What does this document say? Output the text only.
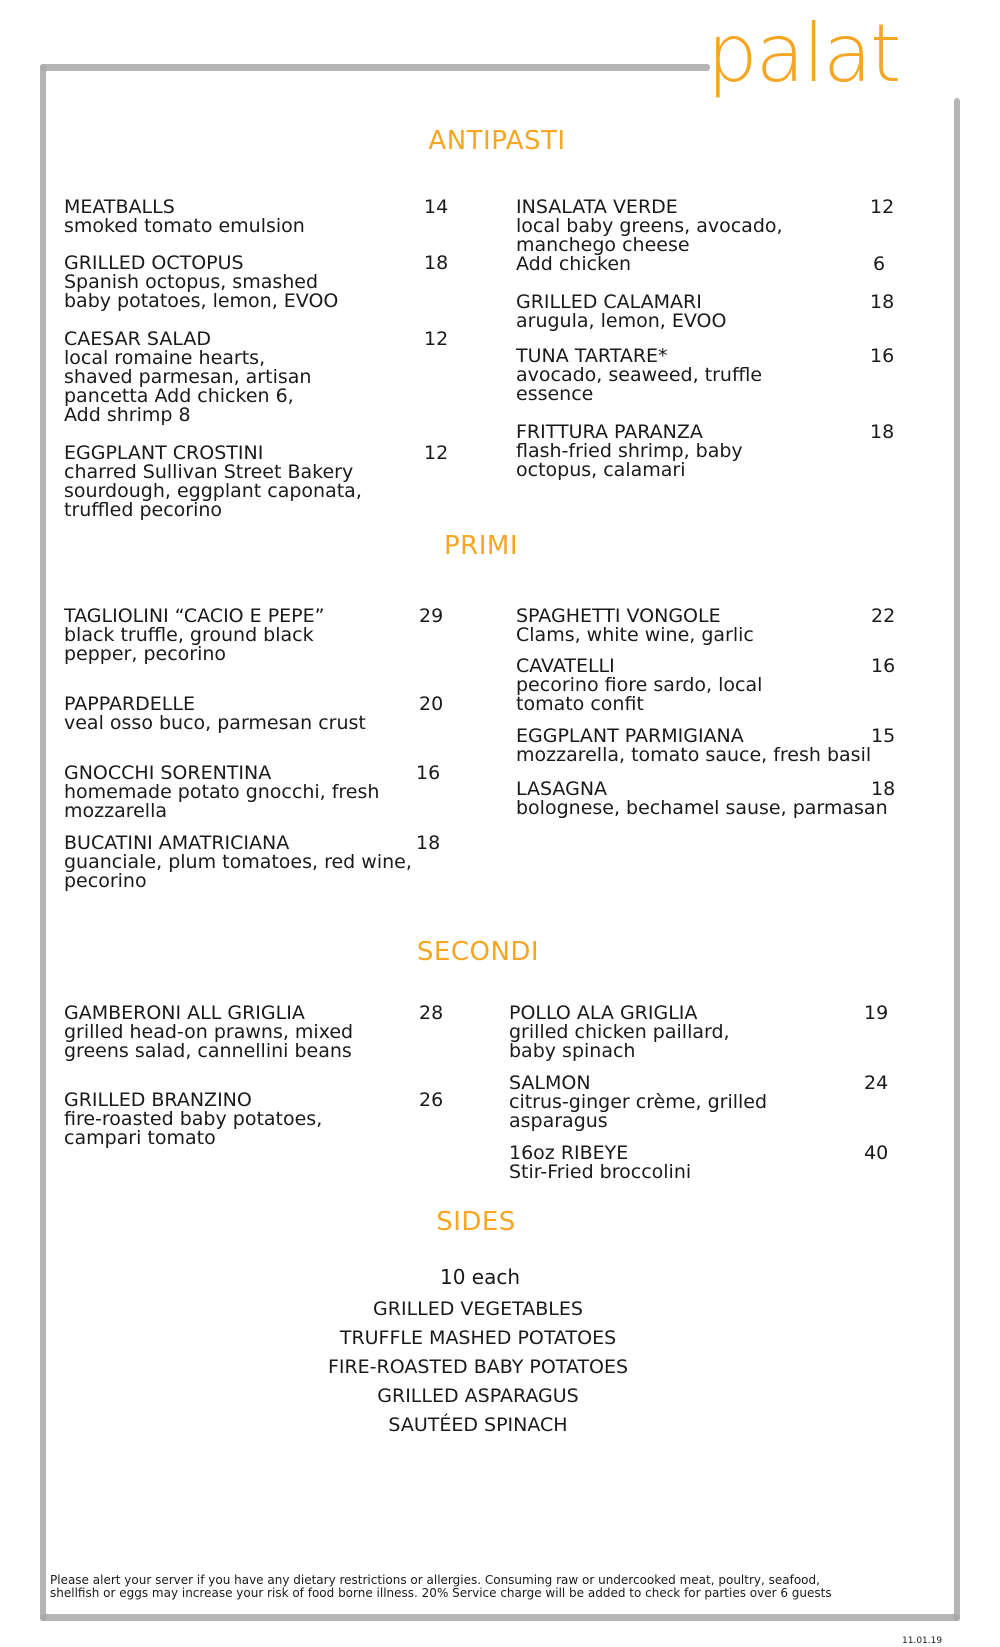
palat
ANTIPASTI
PRIMI
SECONDI
SIDES
MEATBALLS	14
smoked tomato emulsion
GRILLED OCTOPUS	18
Spanish octopus, smashed
baby potatoes, lemon, EVOO
CAESAR SALAD	12
local romaine hearts,
shaved parmesan, artisan
pancetta Add chicken 6,
Add shrimp 8
EGGPLANT CROSTINI	12
charred Sullivan Street Bakery
sourdough, eggplant caponata,
truffled pecorino
INSALATA VERDE	12
local baby greens, avocado,
manchego cheese
Add chicken	6
GRILLED CALAMARI	18
arugula, lemon, EVOO
TUNA TARTARE*	16
avocado, seaweed, truffle
essence
FRITTURA PARANZA	18
flash-fried shrimp, baby
octopus, calamari
TAGLIOLINI “CACIO E PEPE”	29
black truffle, ground black
pepper, pecorino
PAPPARDELLE	20
veal osso buco, parmesan crust
GNOCCHI SORENTINA	16
homemade potato gnocchi, fresh
mozzarella
BUCATINI AMATRICIANA	18
guanciale, plum tomatoes, red wine,
pecorino
SPAGHETTI VONGOLE	22
Clams, white wine, garlic
CAVATELLI	16
pecorino fiore sardo, local
tomato confit
EGGPLANT PARMIGIANA	15
mozzarella, tomato sauce, fresh basil
LASAGNA	18
bolognese, bechamel sause, parmasan
GAMBERONI ALL GRIGLIA	28
grilled head-on prawns, mixed
greens salad, cannellini beans
GRILLED BRANZINO	26
fire-roasted baby potatoes,
campari tomato
POLLO ALA GRIGLIA	19
grilled chicken paillard,
baby spinach
SALMON	24
citrus-ginger crème, grilled
asparagus
16oz RIBEYE	40
Stir-Fried broccolini
10 each
GRILLED VEGETABLES
TRUFFLE MASHED POTATOES
FIRE-ROASTED BABY POTATOES
GRILLED ASPARAGUS
SAUTÉED SPINACH
Please alert your server if you have any dietary restrictions or allergies. Consuming raw or undercooked meat, poultry, seafood,
shellfish or eggs may increase your risk of food borne illness. 20% Service charge will be added to check for parties over 6 guests
11.01.19
